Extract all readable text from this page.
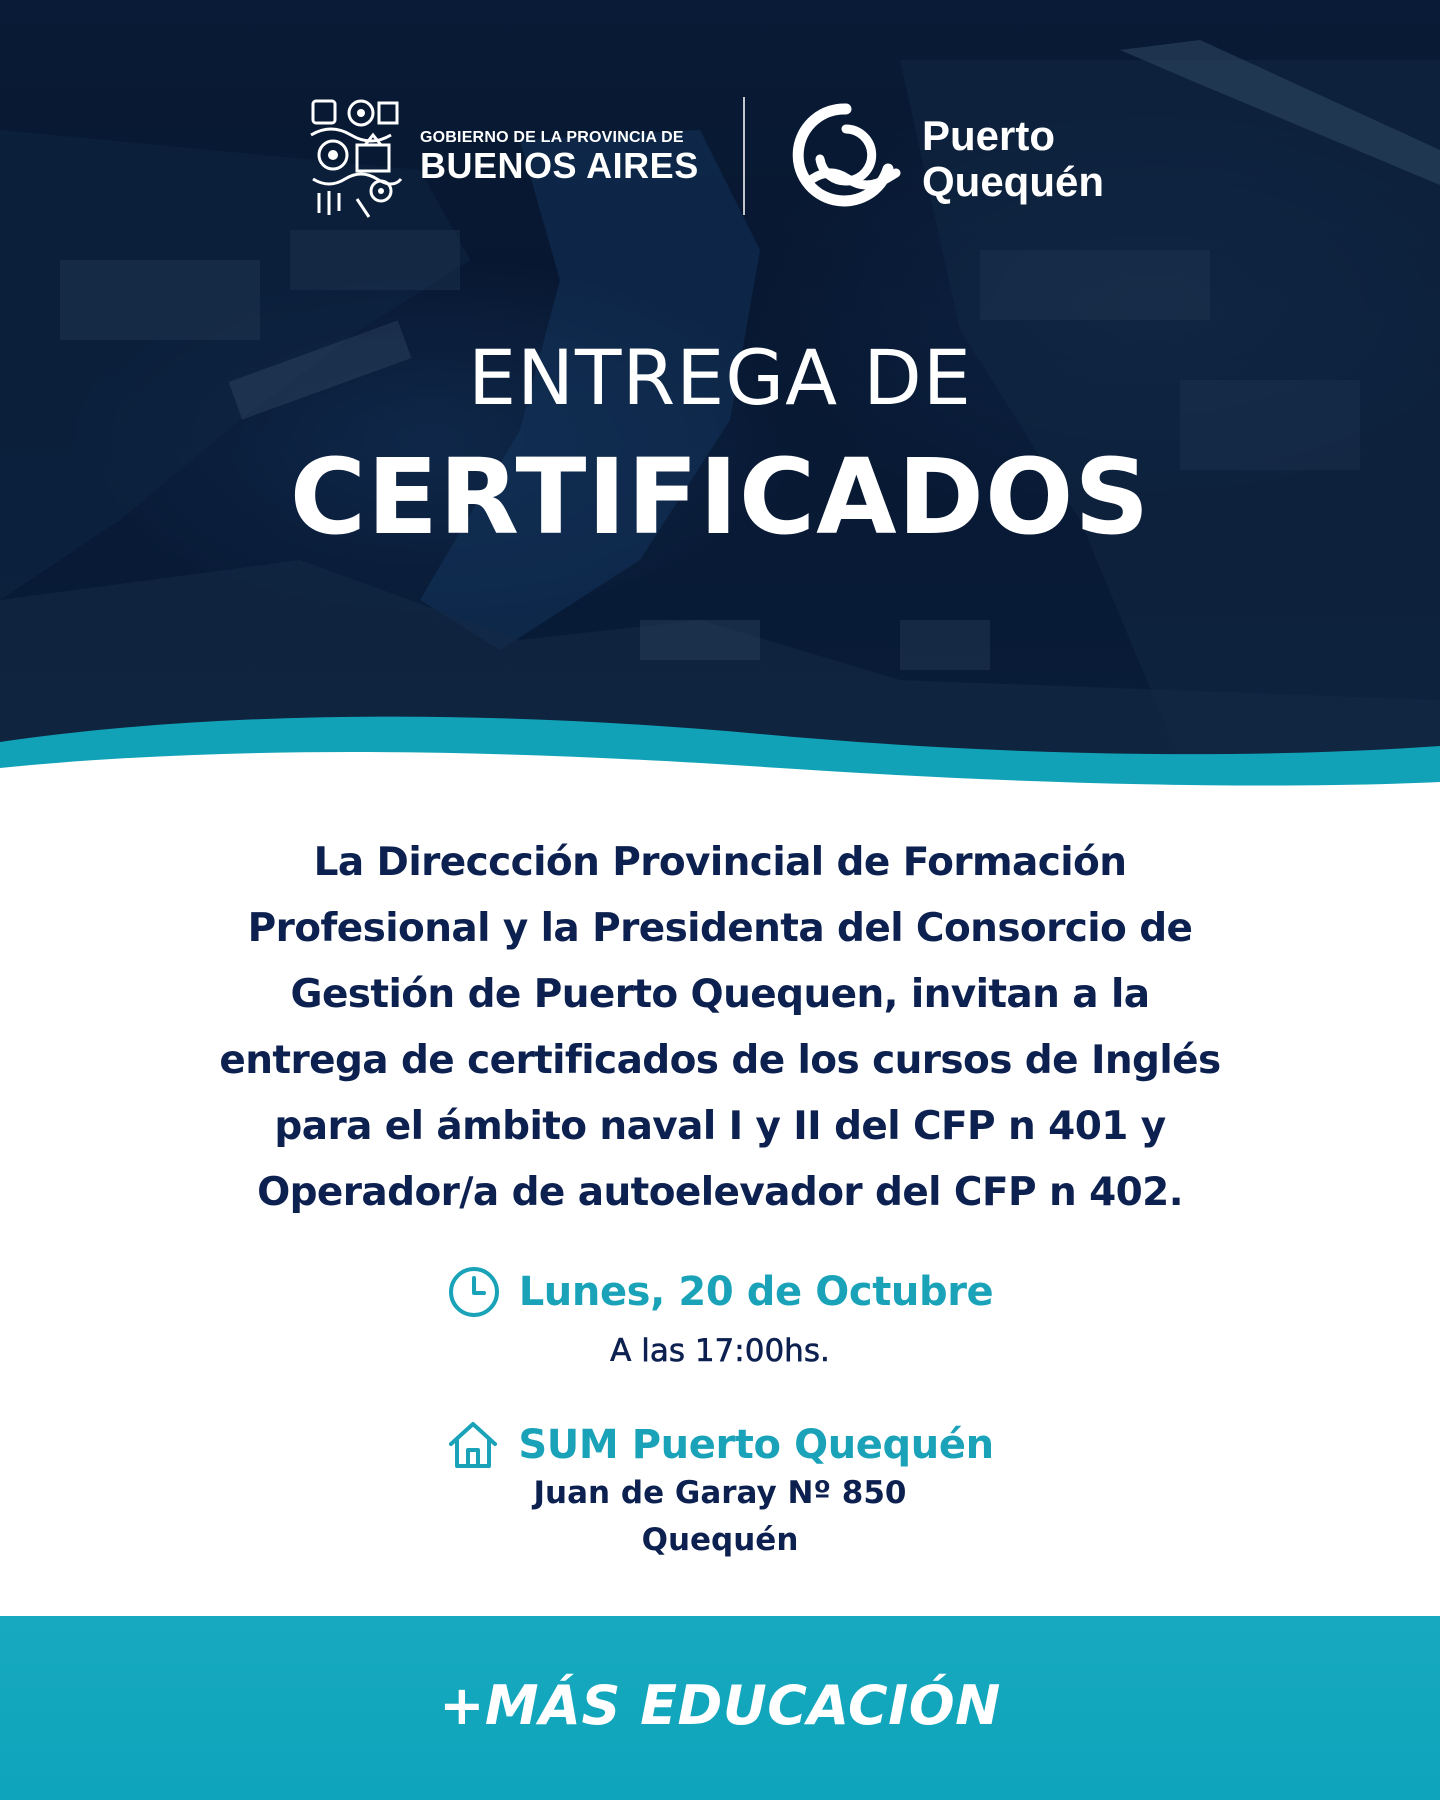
GOBIERNO DE LA PROVINCIA DE
BUENOS AIRES
Puerto
Quequén
ENTREGA DE
CERTIFICADOS
La Direccción Provincial de Formación
Profesional y la Presidenta del Consorcio de
Gestión de Puerto Quequen, invitan a la
entrega de certificados de los cursos de Inglés
para el ámbito naval I y II del CFP n 401 y
Operador/a de autoelevador del CFP n 402.
Lunes, 20 de Octubre
A las 17:00hs.
SUM Puerto Quequén
Juan de Garay Nº 850
Quequén
+MÁS EDUCACIÓN
